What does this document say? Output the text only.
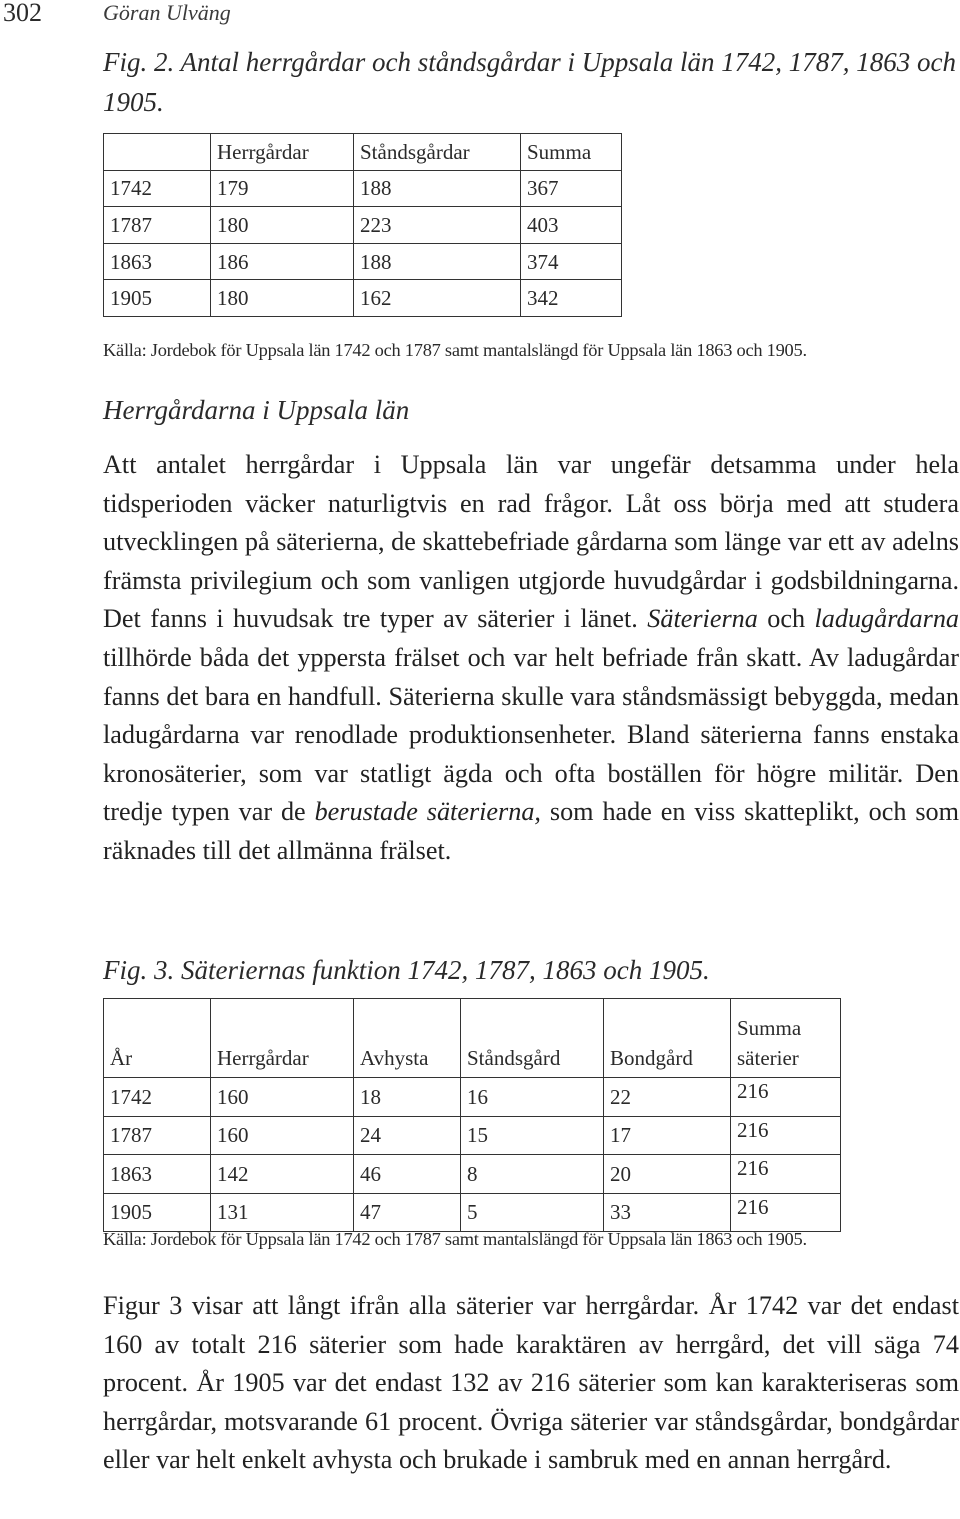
302	Göran Ulväng
Fig. 2. Antal herrgårdar och ståndsgårdar i Uppsala län 1742, 1787, 1863 och 1905.
	Herrgårdar	Ståndsgårdar	Summa
1742	179	188	367
1787	180	223	403
1863	186	188	374
1905	180	162	342
Källa: Jordebok för Uppsala län 1742 och 1787 samt mantalslängd för Uppsala län 1863 och 1905.
Herrgårdarna i Uppsala län

Att antalet herrgårdar i Uppsala län var ungefär detsamma under hela tidsperioden väcker naturligtvis en rad frågor. Låt oss börja med att studera utvecklingen på säterierna, de skattebefriade gårdarna som länge var ett av adelns främsta privilegium och som vanligen utgjorde huvudgårdar i godsbildningarna. Det fanns i huvudsak tre typer av säterier i länet. Säterierna och ladugårdarna tillhörde båda det yppersta frälset och var helt befriade från skatt. Av ladugårdar fanns det bara en handfull. Säterierna skulle vara ståndsmässigt bebyggda, medan ladugårdarna var renodlade produktionsenheter. Bland säterierna fanns enstaka kronosäterier, som var statligt ägda och ofta boställen för högre militär. Den tredje typen var de berustade säterierna, som hade en viss skatteplikt, och som räknades till det allmänna frälset.

Fig. 3. Säteriernas funktion 1742, 1787, 1863 och 1905.
År	Herrgårdar	Avhysta	Ståndsgård	Bondgård	Summa
säterier

1742	160	18	16	22	216
1787	160	24	15	17	216
1863	142	46	8	20	216
1905	131	47	5	33	216
Källa: Jordebok för Uppsala län 1742 och 1787 samt mantalslängd för Uppsala län 1863 och 1905.

Figur 3 visar att långt ifrån alla säterier var herrgårdar. År 1742 var det endast 160 av totalt 216 säterier som hade karaktären av herrgård, det vill säga 74 procent. År 1905 var det endast 132 av 216 säterier som kan karakteriseras som herrgårdar, motsvarande 61 procent. Övriga säterier var ståndsgårdar, bondgårdar eller var helt enkelt avhysta och brukade i sambruk med en annan herrgård.
